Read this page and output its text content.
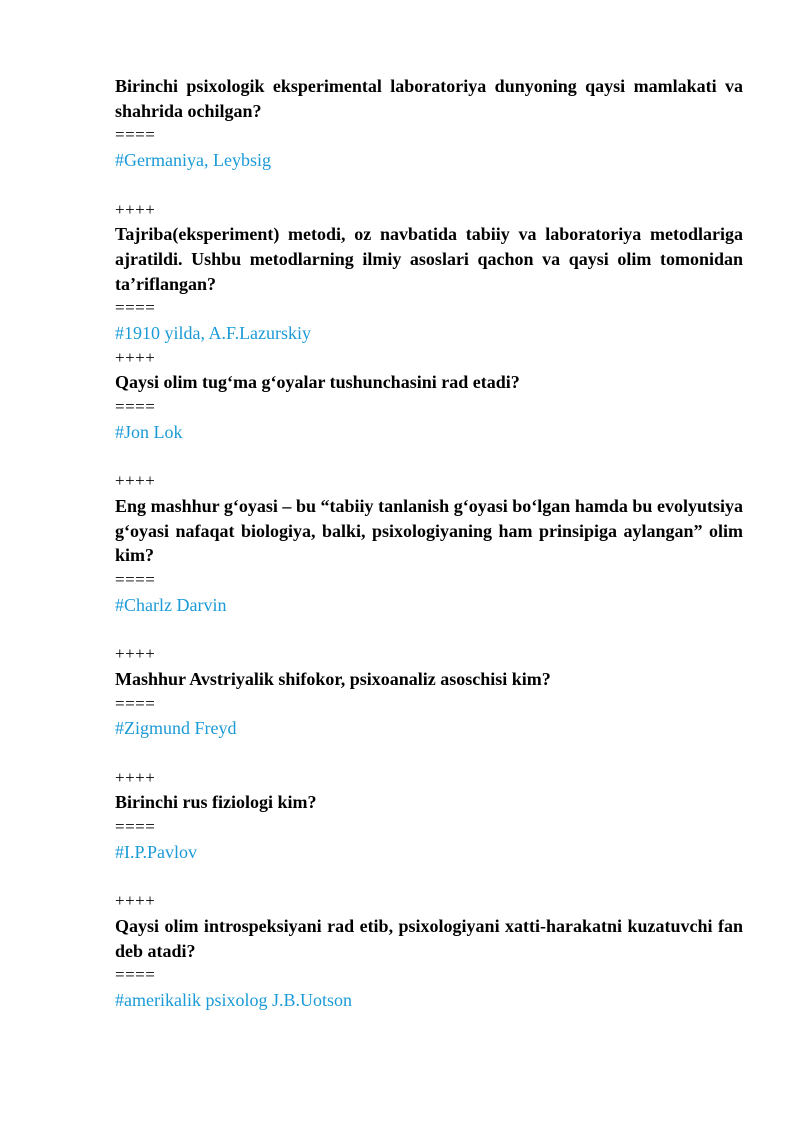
Birinchi psixologik eksperimental laboratoriya dunyoning qaysi mamlakati va shahrida ochilgan?

====

#Germaniya, Leybsig

++++

Tajriba(eksperiment) metodi, oz navbatida tabiiy va laboratoriya metodlariga ajratildi. Ushbu metodlarning ilmiy asoslari qachon va qaysi olim tomonidan ta’riflangan?

====

#1910 yilda, A.F.Lazurskiy

++++

Qaysi olim tug‘ma g‘oyalar tushunchasini rad etadi?

====

#Jon Lok

++++

Eng mashhur g‘oyasi – bu “tabiiy tanlanish g‘oyasi bo‘lgan hamda bu evolyutsiya g‘oyasi nafaqat biologiya, balki, psixologiyaning ham prinsipiga aylangan” olim kim?

====

#Charlz Darvin

++++

Mashhur Avstriyalik shifokor, psixoanaliz asoschisi kim?

====

#Zigmund Freyd

++++

Birinchi rus fiziologi kim?

====

#I.P.Pavlov

++++

Qaysi olim introspeksiyani rad etib, psixologiyani xatti-harakatni kuzatuvchi fan deb atadi?

====

#amerikalik psixolog J.B.Uotson
